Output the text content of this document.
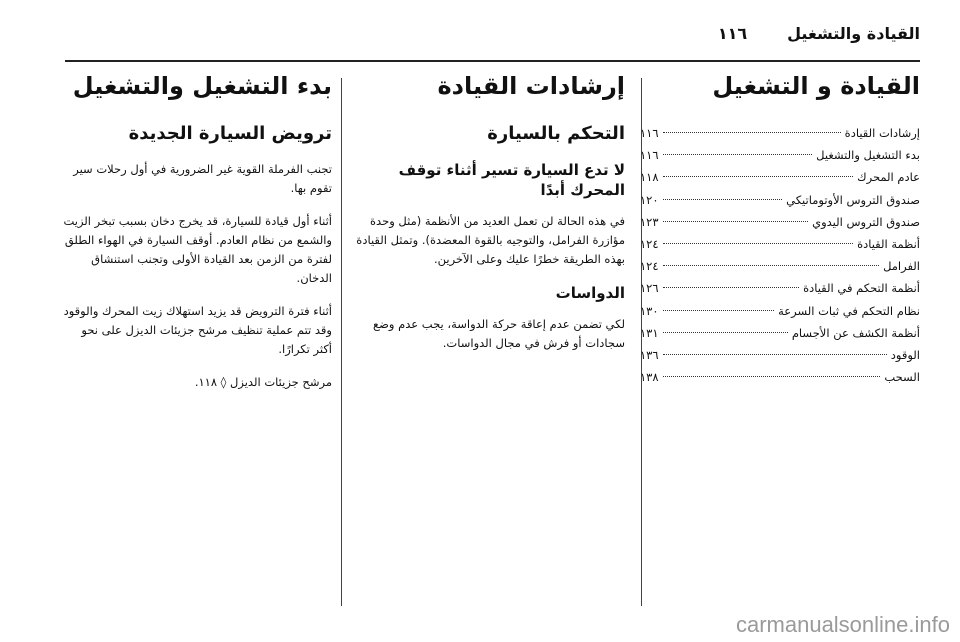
القيادة والتشغيل
١١٦
القيادة و التشغيل
إرشادات القيادة
١١٦
بدء التشغيل والتشغيل
١١٦
عادم المحرك
١١٨
صندوق التروس الأوتوماتيكي
١٢٠
صندوق التروس اليدوي
١٢٣
أنظمة القيادة
١٢٤
الفرامل
١٢٤
أنظمة التحكم في القيادة
١٢٦
نظام التحكم في ثبات السرعة
١٣٠
أنظمة الكشف عن الأجسام
١٣١
الوقود
١٣٦
السحب
١٣٨
إرشادات القيادة
التحكم بالسيارة
لا تدع السيارة تسير أثناء توقف المحرك أبدًا

في هذه الحالة لن تعمل العديد من الأنظمة (مثل وحدة مؤازرة الفرامل، والتوجيه بالقوة المعضدة). وتمثل القيادة بهذه الطريقة خطرًا عليك وعلى الآخرين.

الدواسات

لكي تضمن عدم إعاقة حركة الدواسة، يجب عدم وضع سجادات أو فرش في مجال الدواسات.

بدء التشغيل والتشغيل
ترويض السيارة الجديدة

تجنب الفرملة القوية غير الضرورية في أول رحلات سير تقوم بها.

أثناء أول قيادة للسيارة، قد يخرج دخان بسبب تبخر الزيت والشمع من نظام العادم. أوقف السيارة في الهواء الطلق لفترة من الزمن بعد القيادة الأولى وتجنب استنشاق الدخان.

أثناء فترة الترويض قد يزيد استهلاك زيت المحرك والوقود وقد تتم عملية تنظيف مرشح جزيئات الديزل على نحو أكثر تكرارًا.

مرشح جزيئات الديزل ◊ ١١٨.

carmanualsonline.info
